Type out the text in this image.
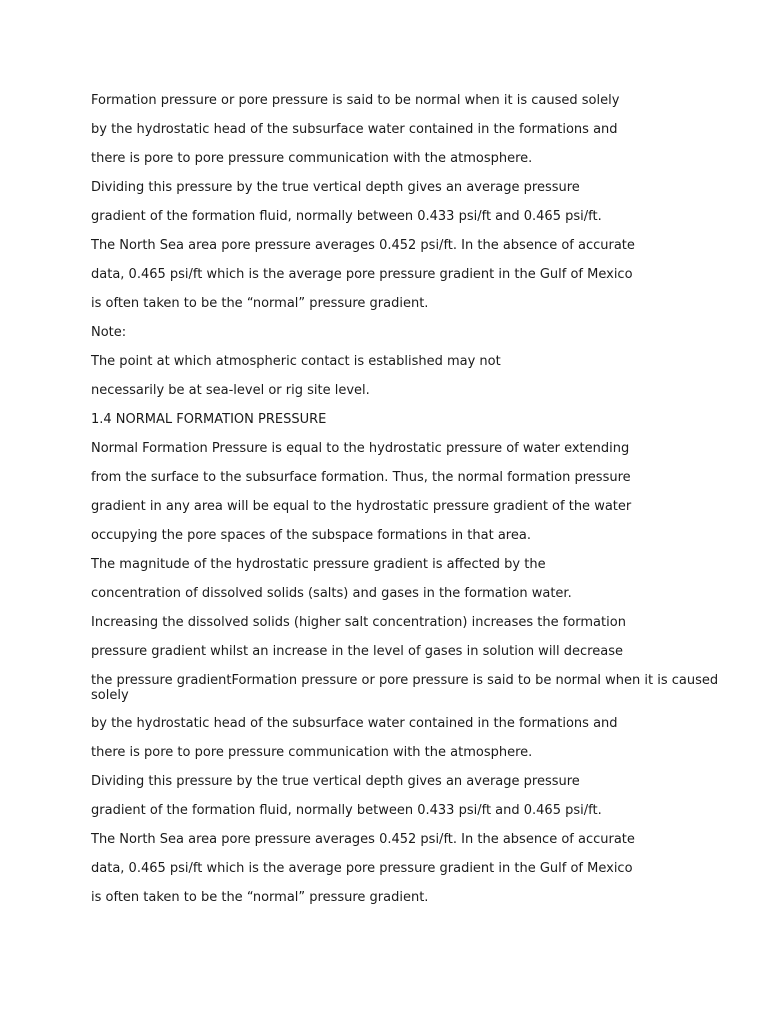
Formation pressure or pore pressure is said to be normal when it is caused solely
by the hydrostatic head of the subsurface water contained in the formations and
there is pore to pore pressure communication with the atmosphere.
Dividing this pressure by the true vertical depth gives an average pressure
gradient of the formation fluid, normally between 0.433 psi/ft and 0.465 psi/ft.
The North Sea area pore pressure averages 0.452 psi/ft. In the absence of accurate
data, 0.465 psi/ft which is the average pore pressure gradient in the Gulf of Mexico
is often taken to be the “normal” pressure gradient.
Note:
The point at which atmospheric contact is established may not
necessarily be at sea-level or rig site level.
1.4 NORMAL FORMATION PRESSURE
Normal Formation Pressure is equal to the hydrostatic pressure of water extending
from the surface to the subsurface formation. Thus, the normal formation pressure
gradient in any area will be equal to the hydrostatic pressure gradient of the water
occupying the pore spaces of the subspace formations in that area.
The magnitude of the hydrostatic pressure gradient is affected by the
concentration of dissolved solids (salts) and gases in the formation water.
Increasing the dissolved solids (higher salt concentration) increases the formation
pressure gradient whilst an increase in the level of gases in solution will decrease
the pressure gradientFormation pressure or pore pressure is said to be normal when it is caused
solely
by the hydrostatic head of the subsurface water contained in the formations and
there is pore to pore pressure communication with the atmosphere.
Dividing this pressure by the true vertical depth gives an average pressure
gradient of the formation fluid, normally between 0.433 psi/ft and 0.465 psi/ft.
The North Sea area pore pressure averages 0.452 psi/ft. In the absence of accurate
data, 0.465 psi/ft which is the average pore pressure gradient in the Gulf of Mexico
is often taken to be the “normal” pressure gradient.
